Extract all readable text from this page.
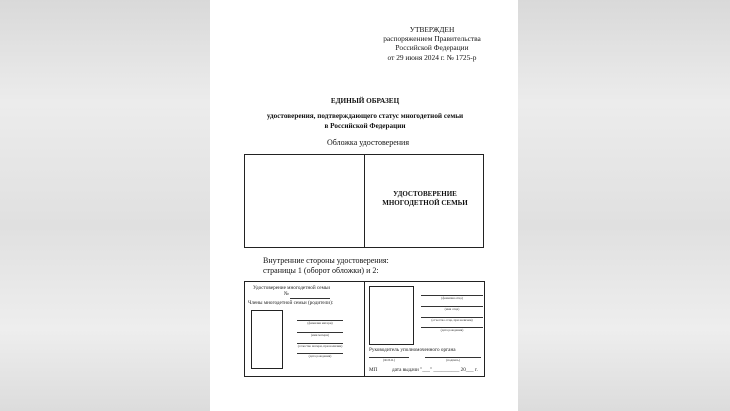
УТВЕРЖДЕН
распоряжением Правительства
Российской Федерации
от 29 июня 2024 г. № 1725-р
ЕДИНЫЙ ОБРАЗЕЦ
удостоверения, подтверждающего статус многодетной семьи
в Российской Федерации
Обложка удостоверения
УДОСТОВЕРЕНИЕ
МНОГОДЕТНОЙ СЕМЬИ
Внутренние стороны удостоверения:
страницы 1 (оборот обложки) и 2:
Удостоверение многодетной семьи
№
Члены многодетной семьи (родители):
(фамилия матери)
(имя матери)
(отчество матери, при наличии)
(дата рождения)
(фамилия отца)
(имя отца)
(отчество отца, при наличии)
(дата рождения)
Руководитель уполномоченного органа
(Ф.И.О.)	(подпись)
МП	дата выдачи "___" __________ 20___ г.
